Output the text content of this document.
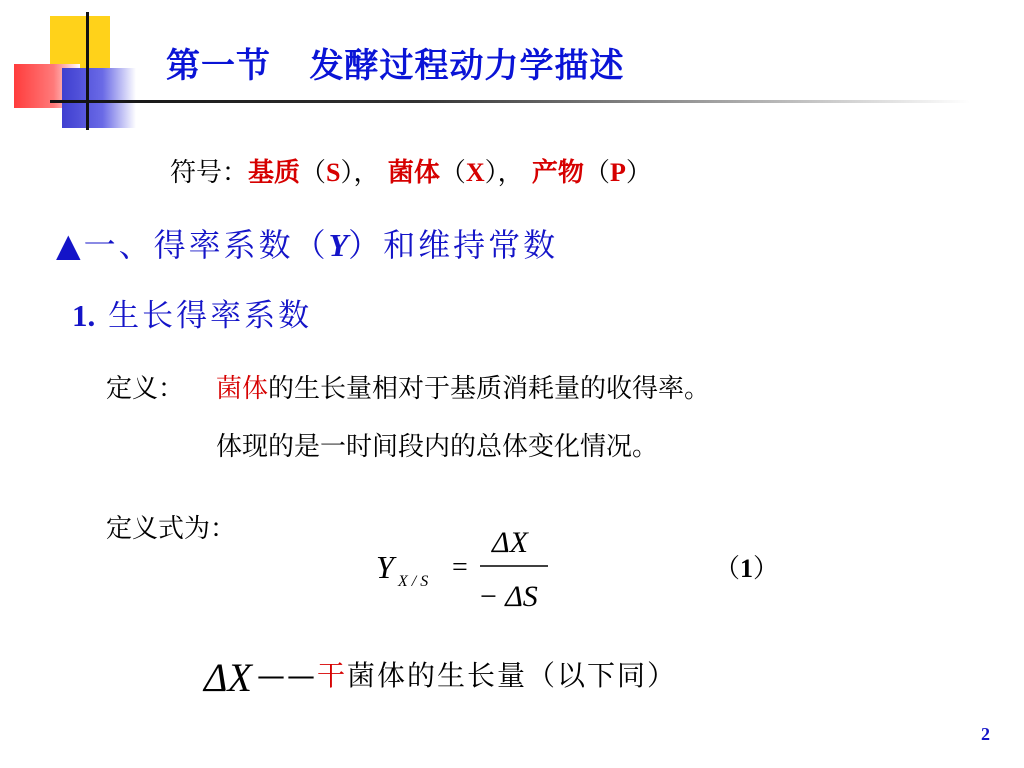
第一节   发酵过程动力学描述
符号：基质（S）， 菌体（X）， 产物（P）
▲一、得率系数（Y）和维持常数
1. 生长得率系数
定义： 菌体的生长量相对于基质消耗量的收得率。
体现的是一时间段内的总体变化情况。
定义式为：
Y X / S =
ΔX
− ΔS
（1）
ΔX ——干菌体的生长量（以下同）
2
